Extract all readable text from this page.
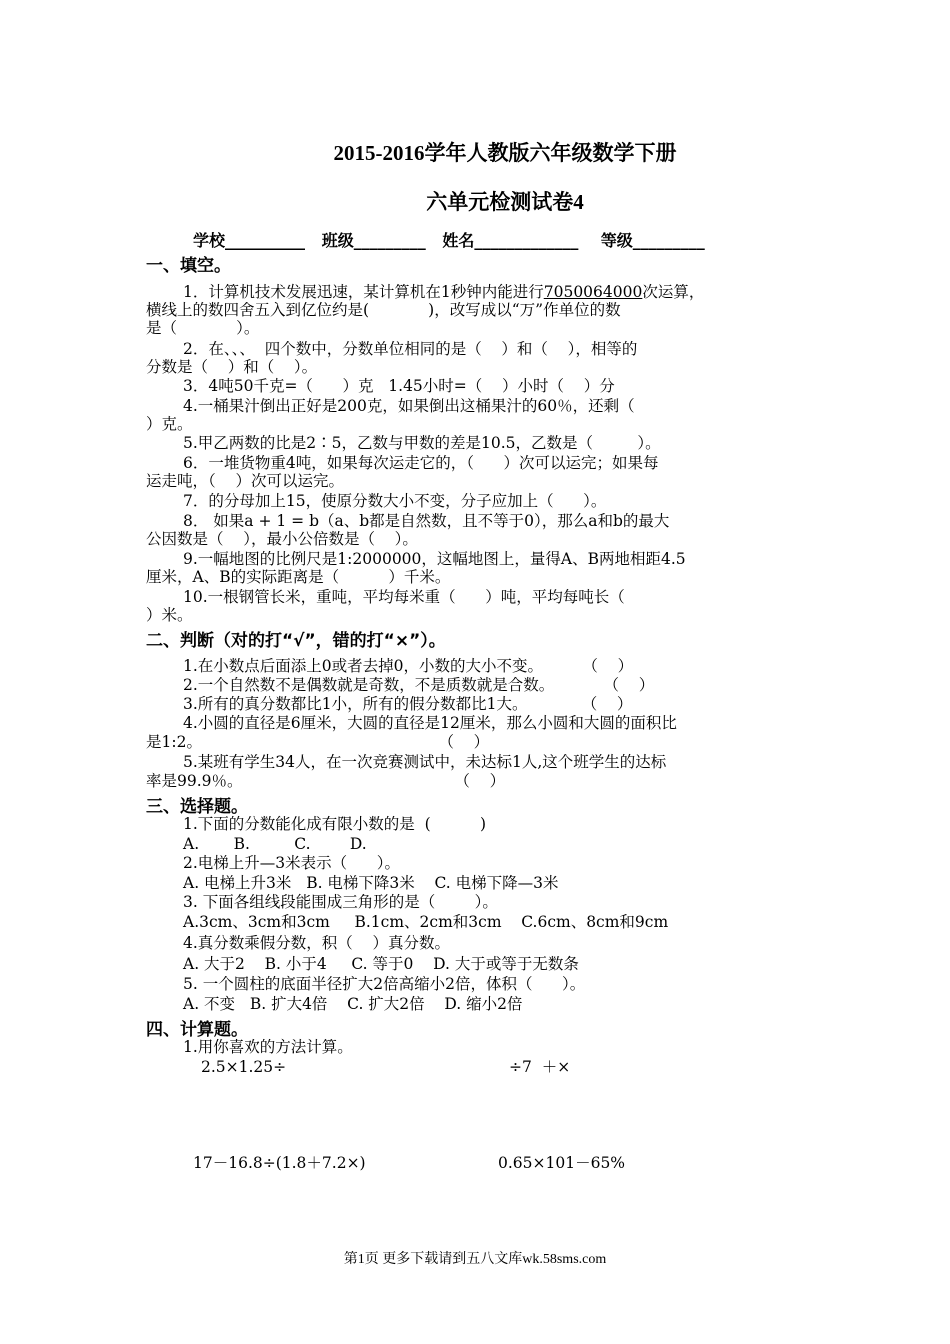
2015-2016学年人教版六年级数学下册
六单元检测试卷4
学校__________   班级_________   姓名_____________    等级_________
一、填空。
1．计算机技术发展迅速，某计算机在1秒钟内能进行7050064000次运算，
横线上的数四舍五入到亿位约是(            )，改写成以“万”作单位的数
是（            ）。
2．在、、、  四个数中，分数单位相同的是（    ）和（    ），相等的
分数是（    ）和（    ）。
3．4吨50千克=（      ）克   1.45小时=（    ）小时（    ）分
4.一桶果汁倒出正好是200克，如果倒出这桶果汁的60％，还剩（
）克。
5.甲乙两数的比是2∶5，乙数与甲数的差是10.5，乙数是（         ）。
6．一堆货物重4吨，如果每次运走它的，（      ）次可以运完；如果每
运走吨，（    ）次可以运完。
7．的分母加上15，使原分数大小不变，分子应加上（      ）。
8． 如果a + 1 = b（a、b都是自然数，且不等于0），那么a和b的最大
公因数是（    ），最小公倍数是（    ）。
9.一幅地图的比例尺是1:2000000，这幅地图上，量得A、B两地相距4.5
厘米，A、B的实际距离是（          ）千米。
10.一根钢管长米，重吨，平均每米重（      ）吨，平均每吨长（
）米。
二、判断（对的打“√”，错的打“×”）。
1.在小数点后面添上0或者去掉0，小数的大小不变。        （    ）
2.一个自然数不是偶数就是奇数，不是质数就是合数。          （    ）
3.所有的真分数都比1小，所有的假分数都比1大。           （    ）
4.小圆的直径是6厘米，大圆的直径是12厘米，那么小圆和大圆的面积比
是1:2。                                                （    ）
5.某班有学生34人，在一次竞赛测试中，未达标1人,这个班学生的达标
率是99.9％。                                           （    ）
三、选择题。
1.下面的分数能化成有限小数的是  (          )
A.       B.         C.        D.
2.电梯上升—3米表示（      ）。
A. 电梯上升3米   B. 电梯下降3米    C. 电梯下降—3米
3. 下面各组线段能围成三角形的是（        ）。
A.3cm、3cm和3cm     B.1cm、2cm和3cm    C.6cm、8cm和9cm
4.真分数乘假分数，积（    ）真分数。
A. 大于2    B. 小于4     C. 等于0    D. 大于或等于无数条
5. 一个圆柱的底面半径扩大2倍高缩小2倍，体积（      ）。
A. 不变   B. 扩大4倍    C. 扩大2倍    D. 缩小2倍
四、计算题。
1.用你喜欢的方法计算。
2.5×1.25÷	÷7  ＋×
17－16.8÷(1.8＋7.2×)	0.65×101－65%
第1页 更多下载请到五八文库wk.58sms.com
